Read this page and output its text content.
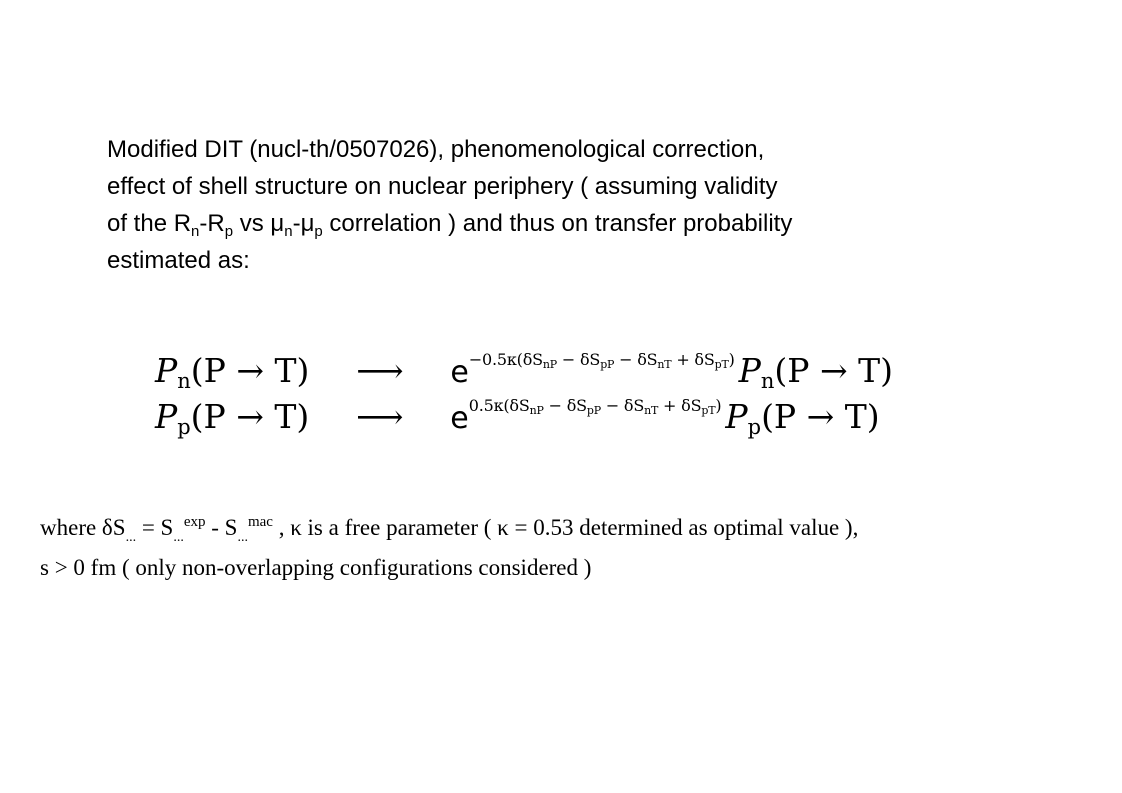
Modified DIT (nucl-th/0507026), phenomenological correction,
effect of shell structure on nuclear periphery ( assuming validity
of the $R_n-R_p$ vs $\mu_n-\mu_p$ correlation ) and thus on transfer probability
estimated as:
$P_n(P \to T)$ ⟶ $e^{-0.5\kappa(\delta SnP - \delta SpP - \delta SnT + \delta SpT)}$ $P_n(P \to T)$
$P_p(P \to T)$ ⟶ $e^{0.5\kappa(\delta SnP - \delta SpP - \delta SnT + \delta SpT)}$ $P_p(P \to T)$
where $\delta S_{...} = S_{...}^{exp} - S_{...}^{mac}$ , κ is a free parameter ( κ = 0.53 determined as optimal value ),
s > 0 fm ( only non-overlapping configurations considered )
